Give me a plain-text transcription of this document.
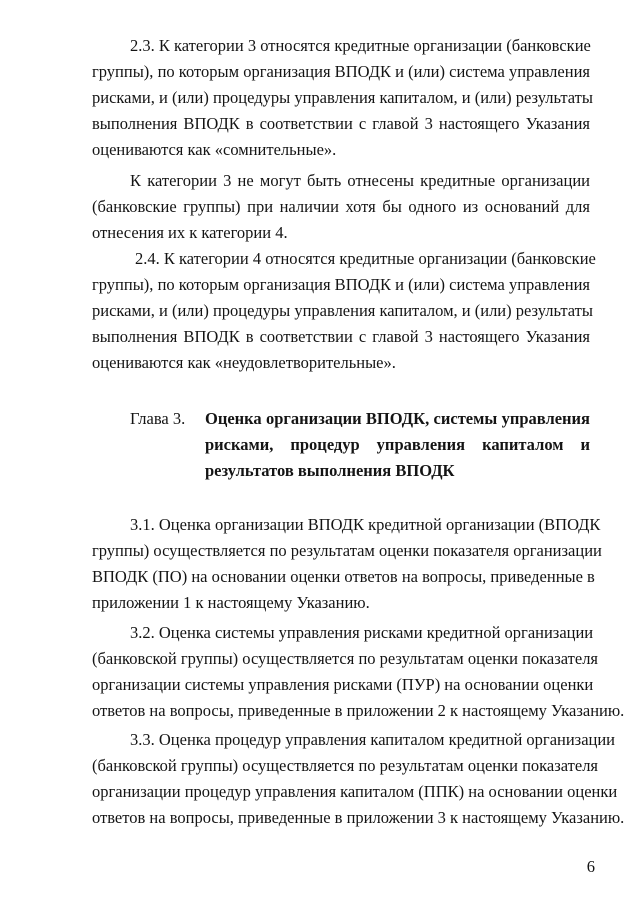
2.3. К категории 3 относятся кредитные организации (банковские
группы), по которым организация ВПОДК и (или) система управления
рисками, и (или) процедуры управления капиталом, и (или) результаты
выполнения ВПОДК в соответствии с главой 3 настоящего Указания
оцениваются как «сомнительные».
К категории 3 не могут быть отнесены кредитные организации
(банковские группы) при наличии хотя бы одного из оснований для
отнесения их к категории 4.
2.4. К категории 4 относятся кредитные организации (банковские
группы), по которым организация ВПОДК и (или) система управления
рисками, и (или) процедуры управления капиталом, и (или) результаты
выполнения ВПОДК в соответствии с главой 3 настоящего Указания
оцениваются как «неудовлетворительные».
Глава 3. Оценка организации ВПОДК, системы управления
рисками, процедур управления капиталом и
результатов выполнения ВПОДК
3.1. Оценка организации ВПОДК кредитной организации (ВПОДК
группы) осуществляется по результатам оценки показателя организации
ВПОДК (ПО) на основании оценки ответов на вопросы, приведенные в
приложении 1 к настоящему Указанию.
3.2. Оценка системы управления рисками кредитной организации
(банковской группы) осуществляется по результатам оценки показателя
организации системы управления рисками (ПУР) на основании оценки
ответов на вопросы, приведенные в приложении 2 к настоящему Указанию.
3.3. Оценка процедур управления капиталом кредитной организации
(банковской группы) осуществляется по результатам оценки показателя
организации процедур управления капиталом (ППК) на основании оценки
ответов на вопросы, приведенные в приложении 3 к настоящему Указанию.
6
